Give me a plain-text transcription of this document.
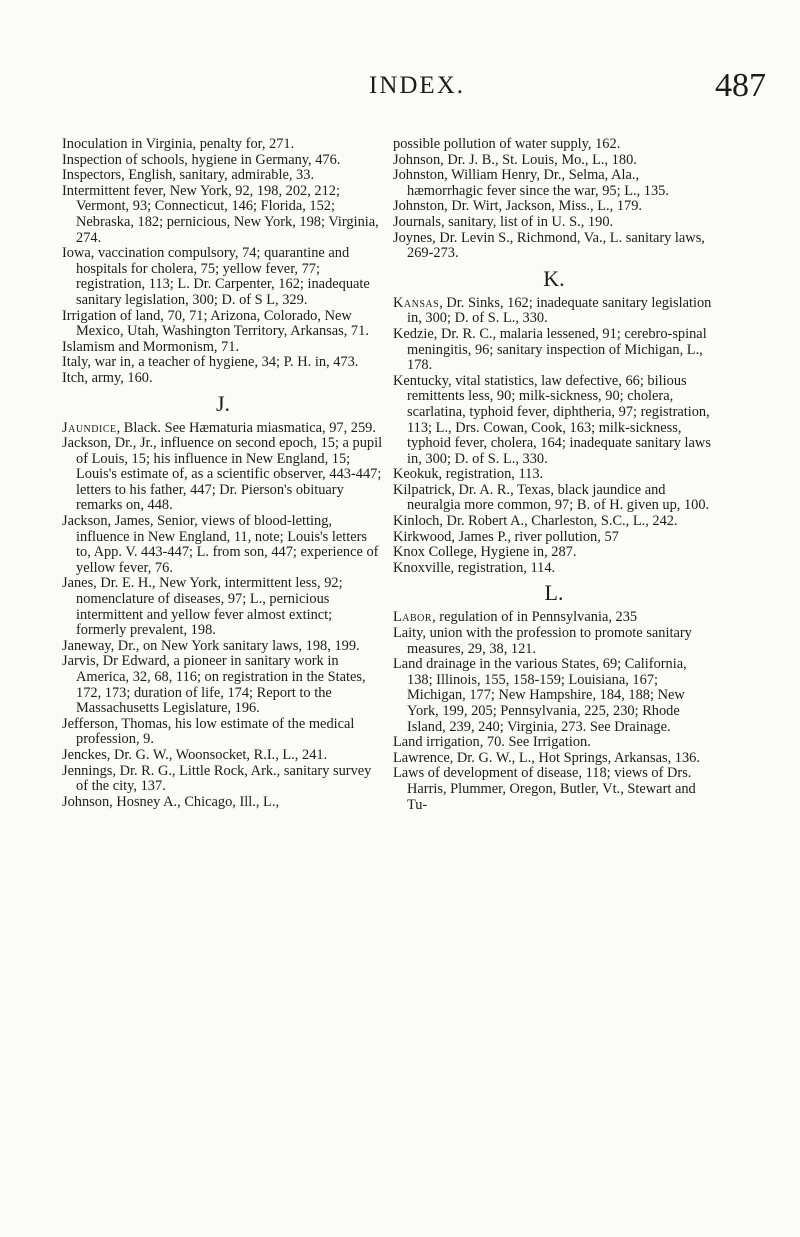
INDEX.	487

Inoculation in Virginia, penalty for, 271.

Inspection of schools, hygiene in Germany, 476.

Inspectors, English, sanitary, admirable, 33.

Intermittent fever, New York, 92, 198, 202, 212; Vermont, 93; Connecticut, 146; Florida, 152; Nebraska, 182; pernicious, New York, 198; Virginia, 274.

Iowa, vaccination compulsory, 74; quarantine and hospitals for cholera, 75; yellow fever, 77; registration, 113; L. Dr. Carpenter, 162; inadequate sanitary legislation, 300; D. of S L, 329.

Irrigation of land, 70, 71; Arizona, Colorado, New Mexico, Utah, Washington Territory, Arkansas, 71.

Islamism and Mormonism, 71.

Italy, war in, a teacher of hygiene, 34; P. H. in, 473.

Itch, army, 160.

J.

Jaundice, Black. See Hæmaturia miasmatica, 97, 259.

Jackson, Dr., Jr., influence on second epoch, 15; a pupil of Louis, 15; his influence in New England, 15; Louis's estimate of, as a scientific observer, 443-447; letters to his father, 447; Dr. Pierson's obituary remarks on, 448.

Jackson, James, Senior, views of blood-letting, influence in New England, 11, note; Louis's letters to, App. V. 443-447; L. from son, 447; experience of yellow fever, 76.

Janes, Dr. E. H., New York, intermittent less, 92; nomenclature of diseases, 97; L., pernicious intermittent and yellow fever almost extinct; formerly prevalent, 198.

Janeway, Dr., on New York sanitary laws, 198, 199.

Jarvis, Dr Edward, a pioneer in sanitary work in America, 32, 68, 116; on registration in the States, 172, 173; duration of life, 174; Report to the Massachusetts Legislature, 196.

Jefferson, Thomas, his low estimate of the medical profession, 9.

Jenckes, Dr. G. W., Woonsocket, R.I., L., 241.

Jennings, Dr. R. G., Little Rock, Ark., sanitary survey of the city, 137.

Johnson, Hosney A., Chicago, Ill., L.,

possible pollution of water supply, 162.

Johnson, Dr. J. B., St. Louis, Mo., L., 180.

Johnston, William Henry, Dr., Selma, Ala., hæmorrhagic fever since the war, 95; L., 135.

Johnston, Dr. Wirt, Jackson, Miss., L., 179.

Journals, sanitary, list of in U. S., 190.

Joynes, Dr. Levin S., Richmond, Va., L. sanitary laws, 269-273.

K.

Kansas, Dr. Sinks, 162; inadequate sanitary legislation in, 300; D. of S. L., 330.

Kedzie, Dr. R. C., malaria lessened, 91; cerebro-spinal meningitis, 96; sanitary inspection of Michigan, L., 178.

Kentucky, vital statistics, law defective, 66; bilious remittents less, 90; milk-sickness, 90; cholera, scarlatina, typhoid fever, diphtheria, 97; registration, 113; L., Drs. Cowan, Cook, 163; milk-sickness, typhoid fever, cholera, 164; inadequate sanitary laws in, 300; D. of S. L., 330.

Keokuk, registration, 113.

Kilpatrick, Dr. A. R., Texas, black jaundice and neuralgia more common, 97; B. of H. given up, 100.

Kinloch, Dr. Robert A., Charleston, S.C., L., 242.

Kirkwood, James P., river pollution, 57

Knox College, Hygiene in, 287.

Knoxville, registration, 114.

L.

Labor, regulation of in Pennsylvania, 235

Laity, union with the profession to promote sanitary measures, 29, 38, 121.

Land drainage in the various States, 69; California, 138; Illinois, 155, 158-159; Louisiana, 167; Michigan, 177; New Hampshire, 184, 188; New York, 199, 205; Pennsylvania, 225, 230; Rhode Island, 239, 240; Virginia, 273. See Drainage.

Land irrigation, 70. See Irrigation.

Lawrence, Dr. G. W., L., Hot Springs, Arkansas, 136.

Laws of development of disease, 118; views of Drs. Harris, Plummer, Oregon, Butler, Vt., Stewart and Tu-
